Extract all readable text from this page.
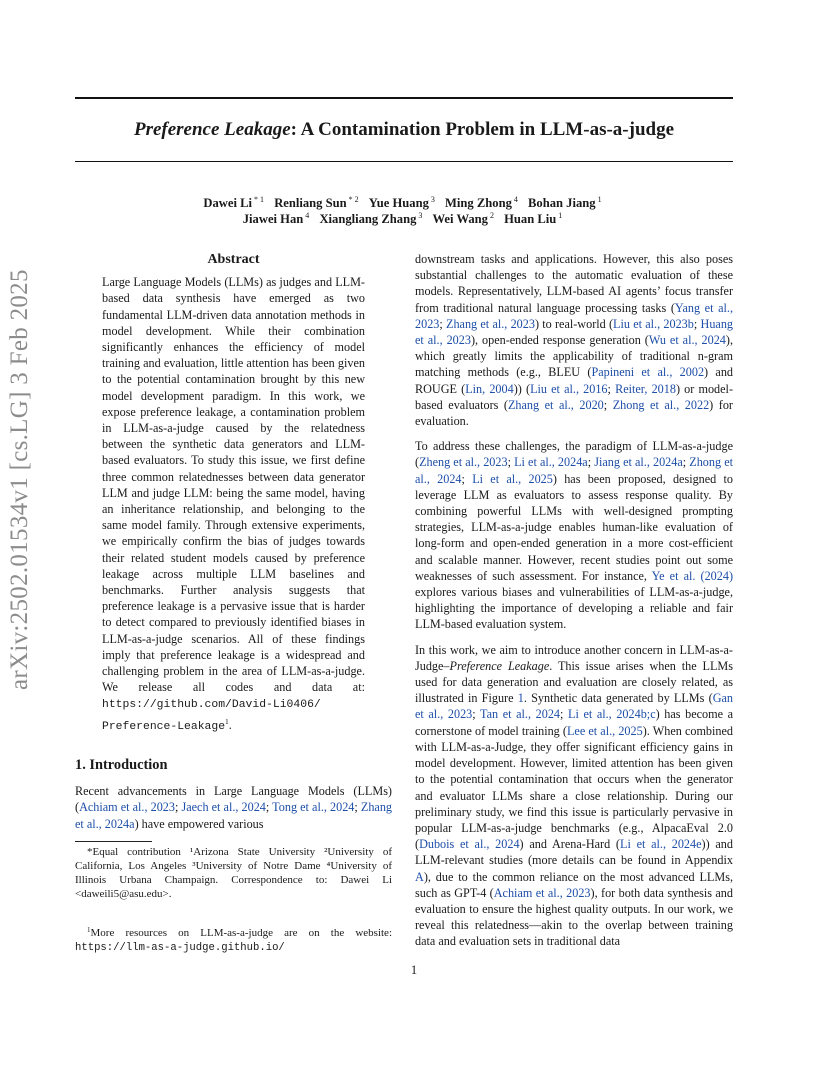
Preference Leakage: A Contamination Problem in LLM-as-a-judge
Dawei Li $^{* 1}$ Renliang Sun $^{* 2}$ Yue Huang $^3$ Ming Zhong $^4$ Bohan Jiang $^1$
Jiawei Han $^4$ Xiangliang Zhang $^3$ Wei Wang $^2$ Huan Liu $^1$
arXiv:2502.01534v1 [cs.LG] 3 Feb 2025
Abstract
Large Language Models (LLMs) as judges and LLM-based data synthesis have emerged as two fundamental LLM-driven data annotation methods in model development. While their combination significantly enhances the efficiency of model training and evaluation, little attention has been given to the potential contamination brought by this new model development paradigm. In this work, we expose preference leakage, a contamination problem in LLM-as-a-judge caused by the relatedness between the synthetic data generators and LLM-based evaluators. To study this issue, we first define three common relatednesses between data generator LLM and judge LLM: being the same model, having an inheritance relationship, and belonging to the same model family. Through extensive experiments, we empirically confirm the bias of judges towards their related student models caused by preference leakage across multiple LLM baselines and benchmarks. Further analysis suggests that preference leakage is a pervasive issue that is harder to detect compared to previously identified biases in LLM-as-a-judge scenarios. All of these findings imply that preference leakage is a widespread and challenging problem in the area of LLM-as-a-judge. We release all codes and data at: https://github.com/David-Li0406/ Preference-Leakage$^1$.
1. Introduction

Recent advancements in Large Language Models (LLMs) (Achiam et al., 2023; Jaech et al., 2024; Tong et al., 2024; Zhang et al., 2024a) have empowered various

*Equal contribution ¹Arizona State University ²University of California, Los Angeles ³University of Notre Dame ⁴University of Illinois Urbana Champaign. Correspondence to: Dawei Li <daweili5@asu.edu>.

$^1$More resources on LLM-as-a-judge are on the website: https://llm-as-a-judge.github.io/

downstream tasks and applications. However, this also poses substantial challenges to the automatic evaluation of these models. Representatively, LLM-based AI agents’ focus transfer from traditional natural language processing tasks (Yang et al., 2023; Zhang et al., 2023) to real-world (Liu et al., 2023b; Huang et al., 2023), open-ended response generation (Wu et al., 2024), which greatly limits the applicability of traditional n-gram matching methods (e.g., BLEU (Papineni et al., 2002) and ROUGE (Lin, 2004)) (Liu et al., 2016; Reiter, 2018) or model-based evaluators (Zhang et al., 2020; Zhong et al., 2022) for evaluation.

To address these challenges, the paradigm of LLM-as-a-judge (Zheng et al., 2023; Li et al., 2024a; Jiang et al., 2024a; Zhong et al., 2024; Li et al., 2025) has been proposed, designed to leverage LLM as evaluators to assess response quality. By combining powerful LLMs with well-designed prompting strategies, LLM-as-a-judge enables human-like evaluation of long-form and open-ended generation in a more cost-efficient and scalable manner. However, recent studies point out some weaknesses of such assessment. For instance, Ye et al. (2024) explores various biases and vulnerabilities of LLM-as-a-judge, highlighting the importance of developing a reliable and fair LLM-based evaluation system.

In this work, we aim to introduce another concern in LLM-as-a-Judge–Preference Leakage. This issue arises when the LLMs used for data generation and evaluation are closely related, as illustrated in Figure 1. Synthetic data generated by LLMs (Gan et al., 2023; Tan et al., 2024; Li et al., 2024b;c) has become a cornerstone of model training (Lee et al., 2025). When combined with LLM-as-a-Judge, they offer significant efficiency gains in model development. However, limited attention has been given to the potential contamination that occurs when the generator and evaluator LLMs share a close relationship. During our preliminary study, we find this issue is particularly pervasive in popular LLM-as-a-judge benchmarks (e.g., AlpacaEval 2.0 (Dubois et al., 2024) and Arena-Hard (Li et al., 2024e)) and LLM-relevant studies (more details can be found in Appendix A), due to the common reliance on the most advanced LLMs, such as GPT-4 (Achiam et al., 2023), for both data synthesis and evaluation to ensure the highest quality outputs. In our work, we reveal this relatedness—akin to the overlap between training data and evaluation sets in traditional data

1
